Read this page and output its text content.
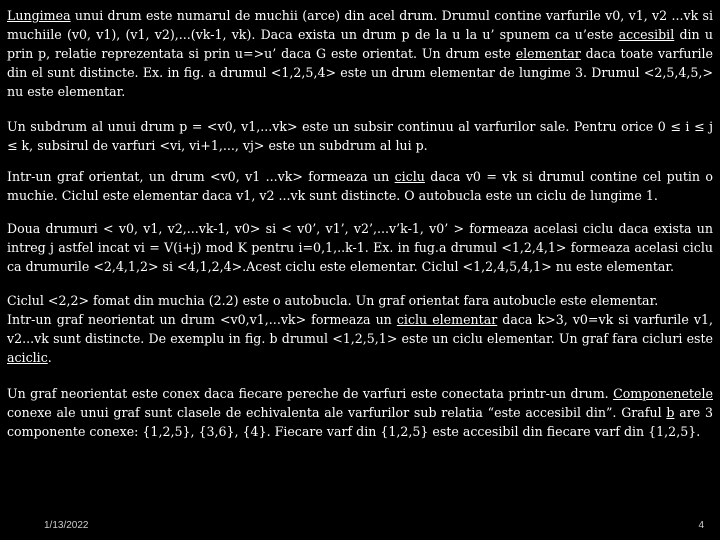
Lungimea unui drum este numarul de muchii (arce) din acel drum. Drumul contine varfurile v0, v1, v2 ...vk si muchiile (v0, v1), (v1, v2),...(vk-1, vk). Daca exista un drum p de la u la u’ spunem ca u’este accesibil din u prin p, relatie reprezentata si prin u=>u’ daca G este orientat. Un drum este elementar daca toate varfurile din el sunt distincte. Ex. in fig. a drumul <1,2,5,4> este un drum elementar de lungime 3. Drumul <2,5,4,5,> nu este elementar.

Un subdrum al unui drum p = <v0, v1,...vk> este un subsir continuu al varfurilor sale. Pentru orice 0 ≤ i ≤ j ≤ k, subsirul de varfuri <vi, vi+1,..., vj> este un subdrum al lui p.

Intr-un graf orientat, un drum <v0, v1 ...vk> formeaza un ciclu daca v0 = vk si drumul contine cel putin o muchie. Ciclul este elementar daca v1, v2 ...vk sunt distincte. O autobucla este un ciclu de lungime 1.

Doua drumuri < v0, v1, v2,...vk-1, v0> si < v0’, v1’, v2’,...v’k-1, v0’ > formeaza acelasi ciclu daca exista un intreg j astfel incat vi = V(i+j) mod K pentru i=0,1,..k-1. Ex. in fug.a drumul <1,2,4,1> formeaza acelasi ciclu ca drumurile <2,4,1,2> si <4,1,2,4>.Acest ciclu este elementar. Ciclul <1,2,4,5,4,1> nu este elementar.

Ciclul <2,2> fomat din muchia (2.2) este o autobucla. Un graf orientat fara autobucle este elementar.

Intr-un graf neorientat un drum <v0,v1,...vk> formeaza un ciclu elementar daca k>3, v0=vk si varfurile v1, v2...vk sunt distincte. De exemplu in fig. b drumul <1,2,5,1> este un ciclu elementar. Un graf fara cicluri este aciclic.

Un graf neorientat este conex daca fiecare pereche de varfuri este conectata printr-un drum. Componenetele conexe ale unui graf sunt clasele de echivalenta ale varfurilor sub relatia “este accesibil din”. Graful b are 3 componente conexe: {1,2,5}, {3,6}, {4}. Fiecare varf din {1,2,5} este accesibil din fiecare varf din {1,2,5}.

1/13/2022	4
